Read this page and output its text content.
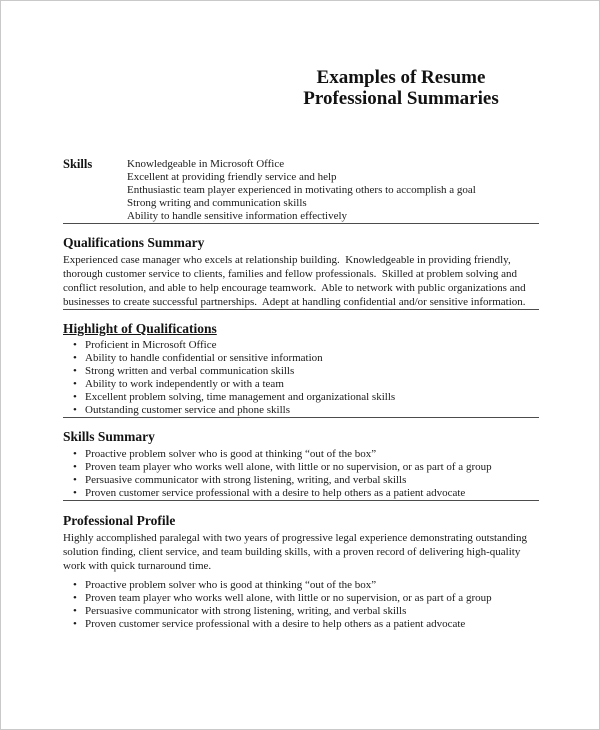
Examples of Resume
Professional Summaries
Skills	Knowledgeable in Microsoft Office
Excellent at providing friendly service and help
Enthusiastic team player experienced in motivating others to accomplish a goal
Strong writing and communication skills
Ability to handle sensitive information effectively
Qualifications Summary

Experienced case manager who excels at relationship building.  Knowledgeable in providing friendly, thorough customer service to clients, families and fellow professionals.  Skilled at problem solving and conflict resolution, and able to help encourage teamwork.  Able to network with public organizations and businesses to create successful partnerships.  Adept at handling confidential and/or sensitive information.

Highlight of Qualifications
• Proficient in Microsoft Office
• Ability to handle confidential or sensitive information
• Strong written and verbal communication skills
• Ability to work independently or with a team
• Excellent problem solving, time management and organizational skills
• Outstanding customer service and phone skills
Skills Summary
• Proactive problem solver who is good at thinking “out of the box”
• Proven team player who works well alone, with little or no supervision, or as part of a group
• Persuasive communicator with strong listening, writing, and verbal skills
• Proven customer service professional with a desire to help others as a patient advocate
Professional Profile

Highly accomplished paralegal with two years of progressive legal experience demonstrating outstanding solution finding, client service, and team building skills, with a proven record of delivering high-quality work with quick turnaround time.

• Proactive problem solver who is good at thinking “out of the box”
• Proven team player who works well alone, with little or no supervision, or as part of a group
• Persuasive communicator with strong listening, writing, and verbal skills
• Proven customer service professional with a desire to help others as a patient advocate
